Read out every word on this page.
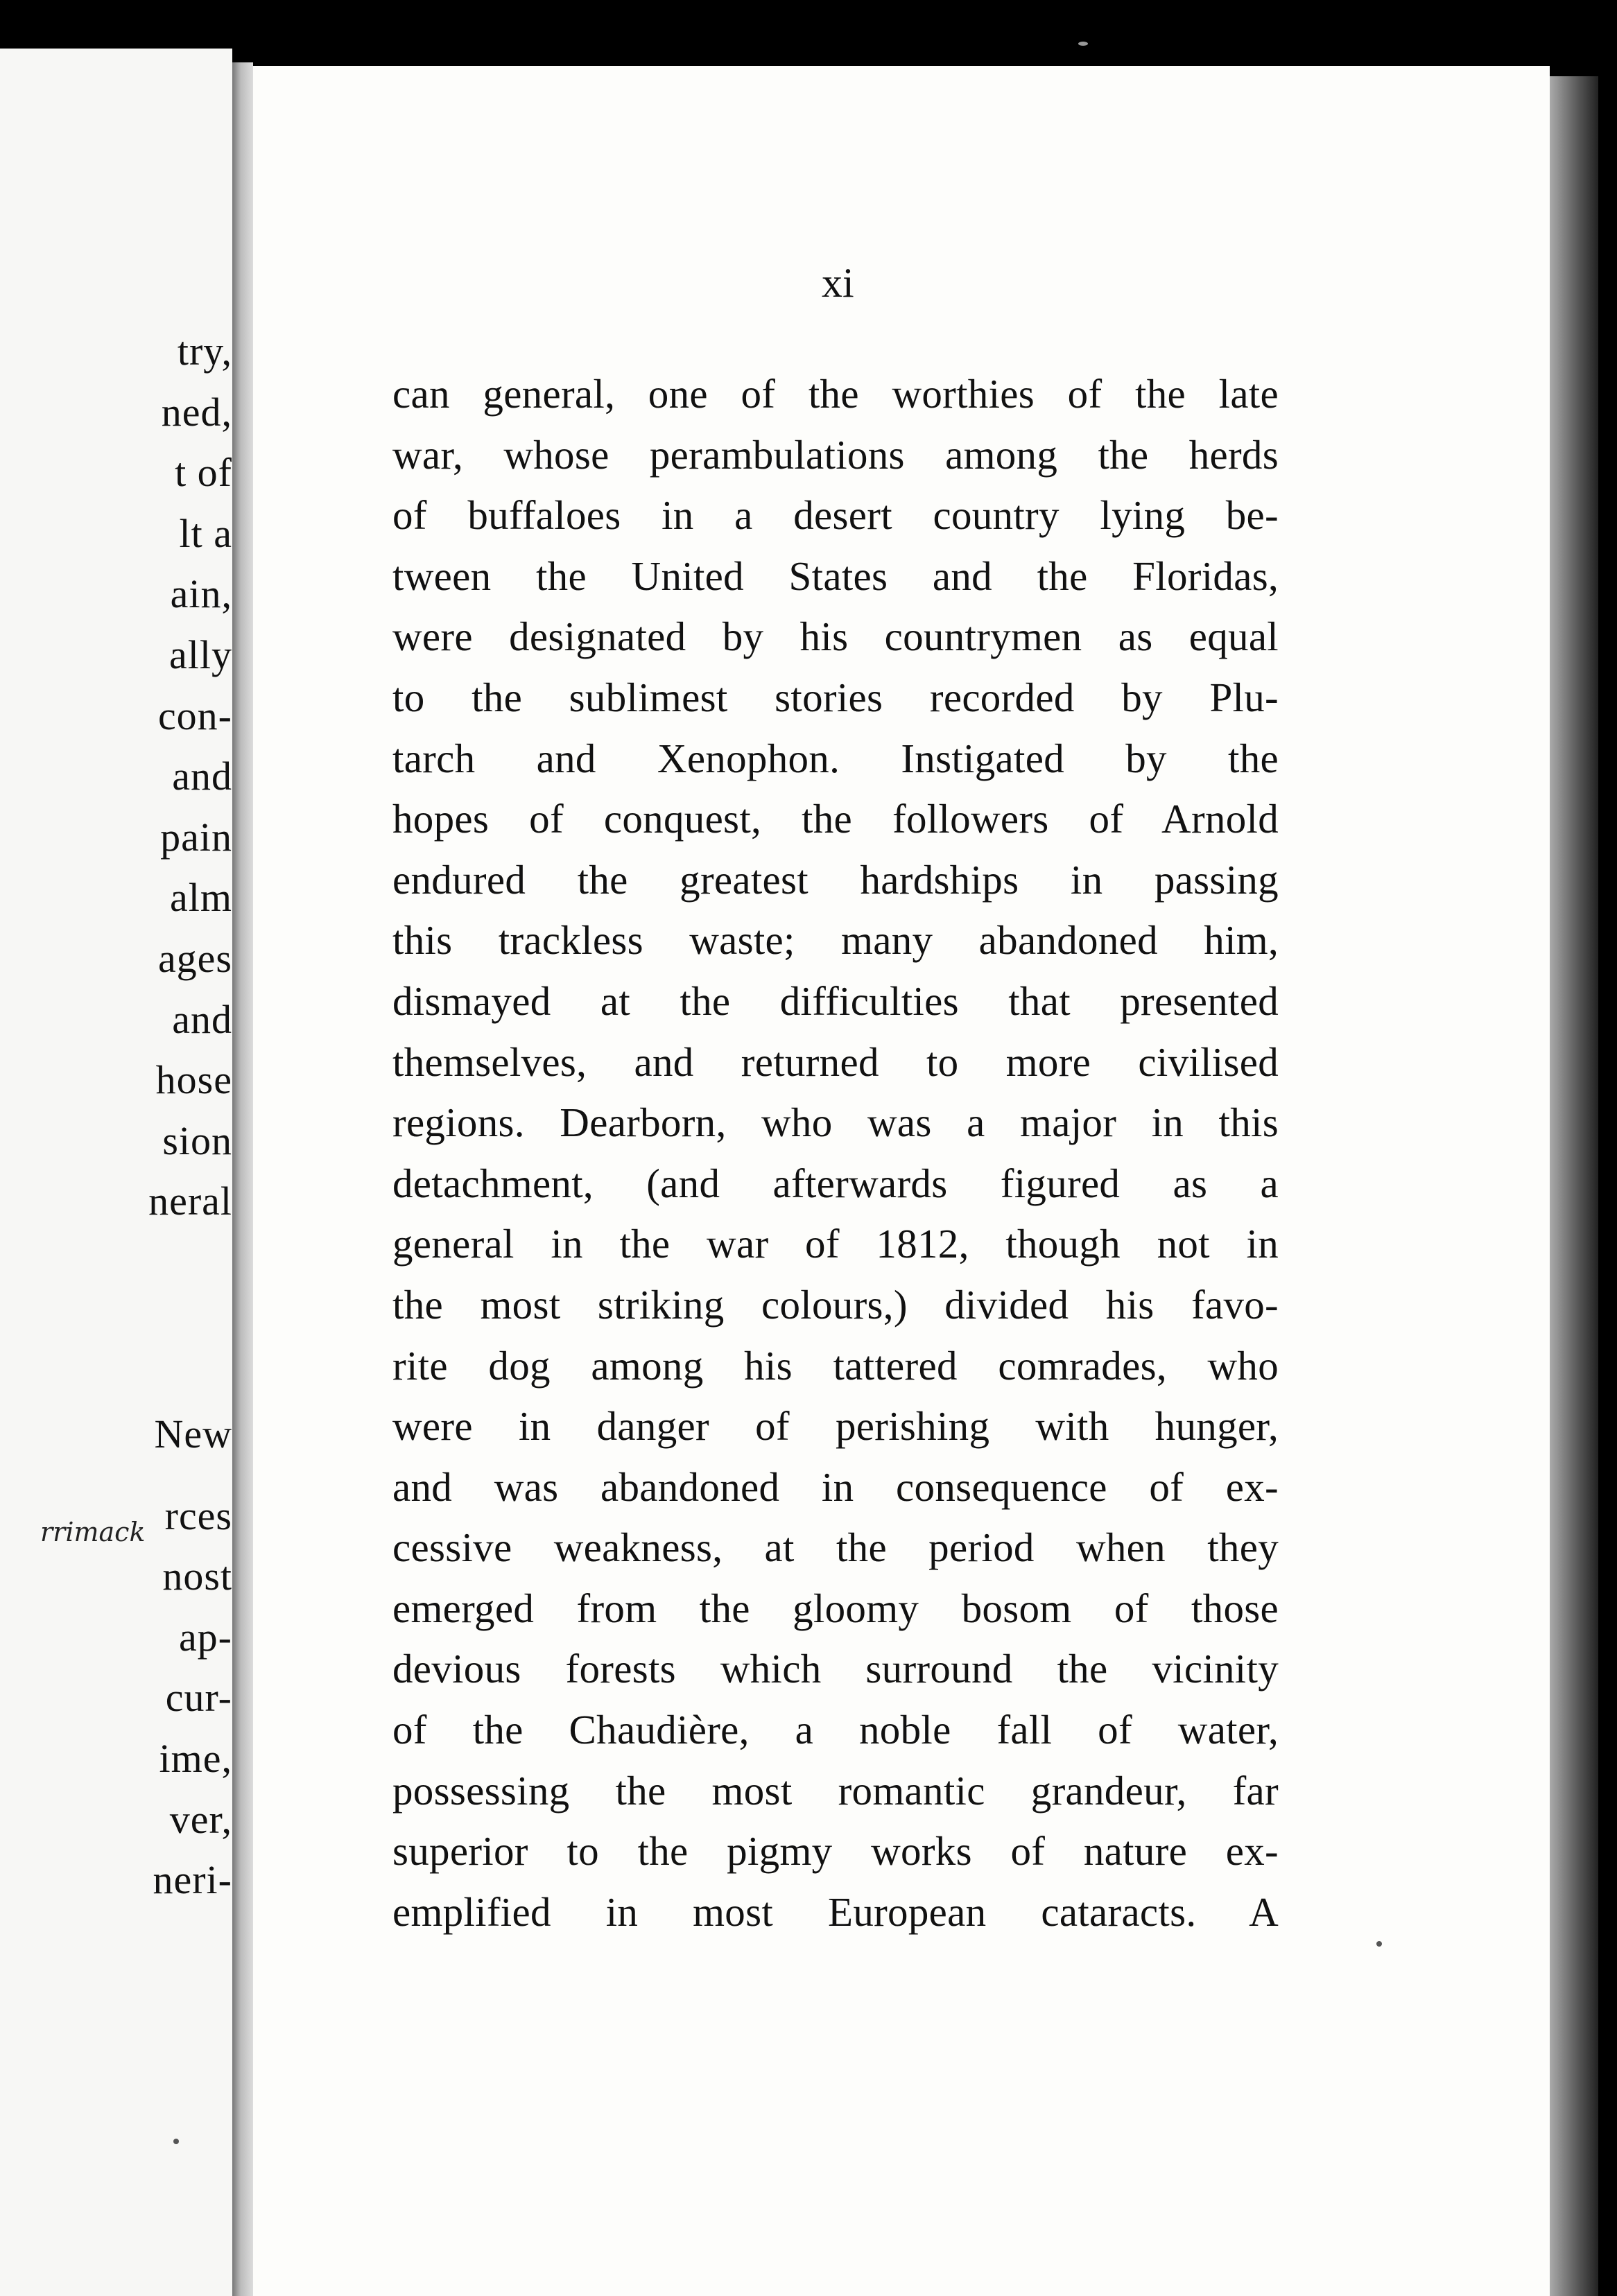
try,
ned,
t of
lt a
ain,
ally
con-
and
pain
alm
ages
and
hose
sion
neral
New
rces
nost
ap-
cur-
ime,
ver,
neri-
rrimack
xi
can general, one of the worthies of the late
war, whose perambulations among the herds
of buffaloes in a desert country lying be-
tween the United States and the Floridas,
were designated by his countrymen as equal
to the sublimest stories recorded by Plu-
tarch and Xenophon. Instigated by the
hopes of conquest, the followers of Arnold
endured the greatest hardships in passing
this trackless waste; many abandoned him,
dismayed at the difficulties that presented
themselves, and returned to more civilised
regions. Dearborn, who was a major in this
detachment, (and afterwards figured as a
general in the war of 1812, though not in
the most striking colours,) divided his favo-
rite dog among his tattered comrades, who
were in danger of perishing with hunger,
and was abandoned in consequence of ex-
cessive weakness, at the period when they
emerged from the gloomy bosom of those
devious forests which surround the vicinity
of the Chaudière, a noble fall of water,
possessing the most romantic grandeur, far
superior to the pigmy works of nature ex-
emplified in most European cataracts. A
